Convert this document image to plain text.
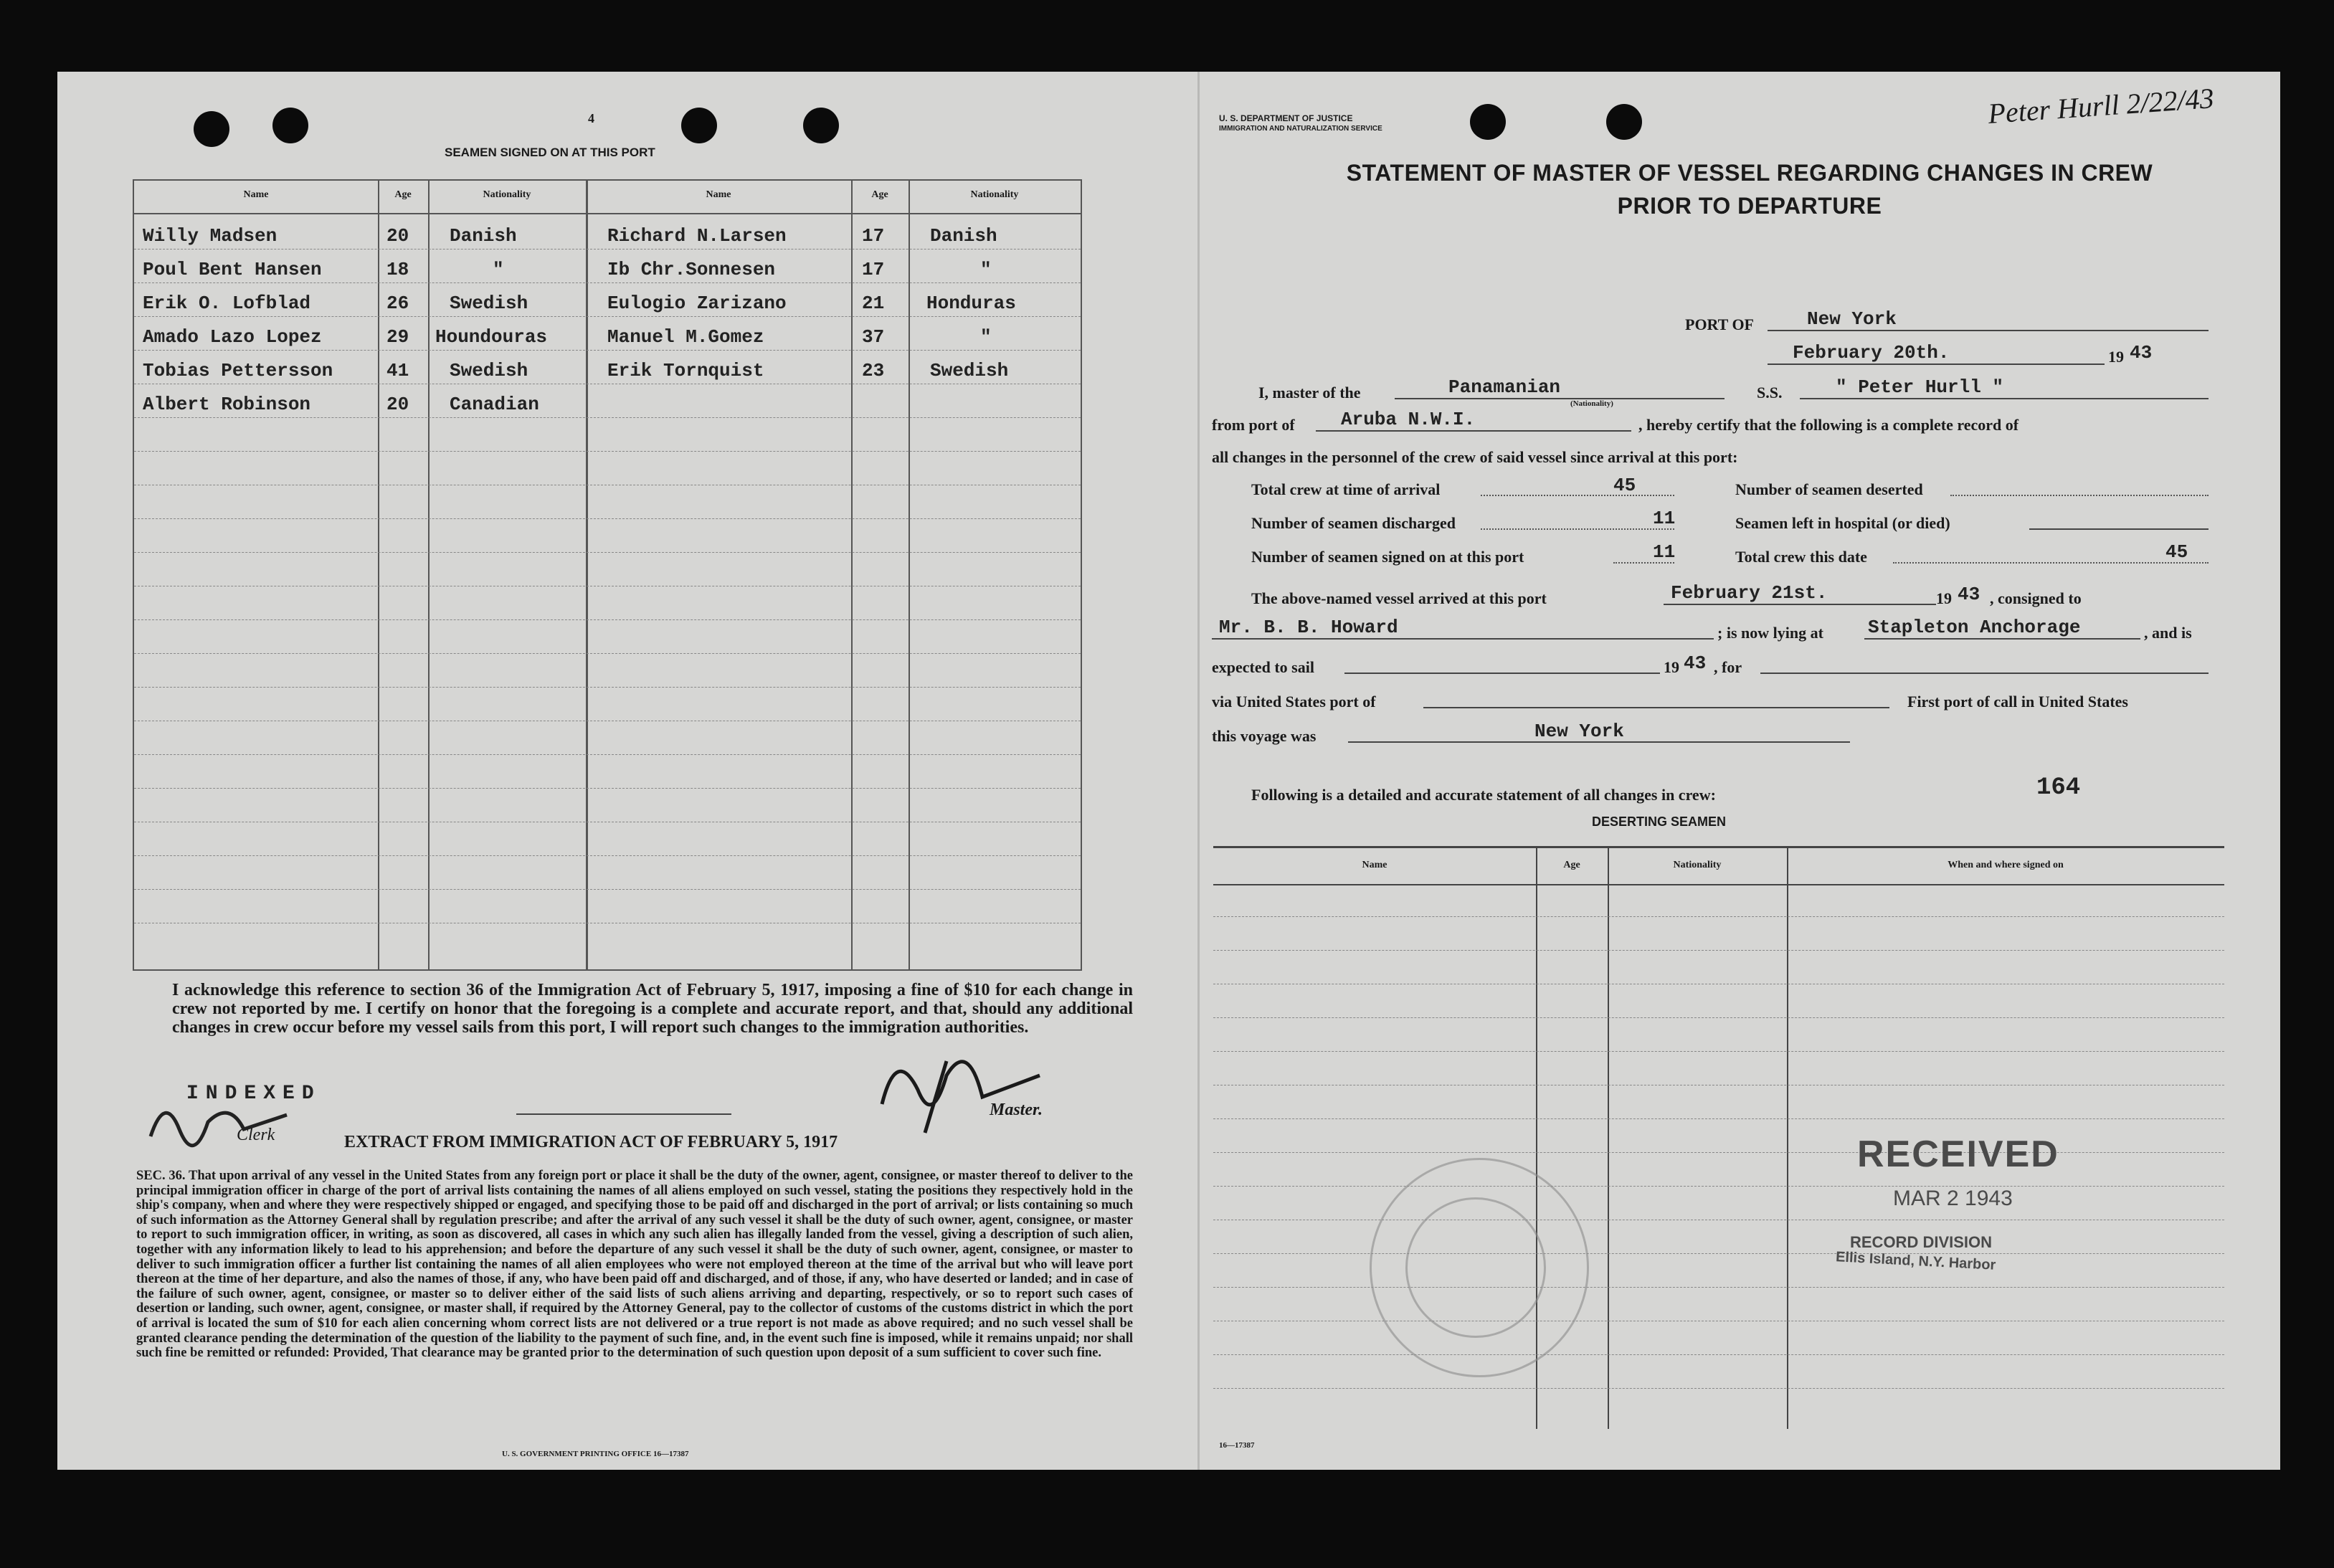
4
SEAMEN SIGNED ON AT THIS PORT
Name	Age	Nationality	Name	Age	Nationality
Willy Madsen	20 Danish	Richard N.Larsen	17 Danish
Poul Bent Hansen	18	"	Ib Chr.Sonnesen	17	"
Erik O. Lofblad	26 Swedish	Eulogio Zarizano	21 Honduras
Amado Lazo Lopez	29 Houndouras	Manuel M.Gomez	37	"
Tobias Pettersson	41 Swedish	Erik Tornquist	23 Swedish
Albert Robinson	20 Canadian
I acknowledge this reference to section 36 of the Immigration Act of February 5, 1917, imposing a fine of $10 for each change in crew not reported by me. I certify on honor that the foregoing is a complete and accurate report, and that, should any additional changes in crew occur before my vessel sails from this port, I will report such changes to the immigration authorities.
INDEXED
Clerk
Master.
EXTRACT FROM IMMIGRATION ACT OF FEBRUARY 5, 1917
SEC. 36. That upon arrival of any vessel in the United States from any foreign port or place it shall be the duty of the owner, agent, consignee, or master thereof to deliver to the principal immigration officer in charge of the port of arrival lists containing the names of all aliens employed on such vessel, stating the positions they respectively hold in the ship's company, when and where they were respectively shipped or engaged, and specifying those to be paid off and discharged in the port of arrival; or lists containing so much of such information as the Attorney General shall by regulation prescribe; and after the arrival of any such vessel it shall be the duty of such owner, agent, consignee, or master to report to such immigration officer, in writing, as soon as discovered, all cases in which any such alien has illegally landed from the vessel, giving a description of such alien, together with any information likely to lead to his apprehension; and before the departure of any such vessel it shall be the duty of such owner, agent, consignee, or master to deliver to such immigration officer a further list containing the names of all alien employees who were not employed thereon at the time of the arrival but who will leave port thereon at the time of her departure, and also the names of those, if any, who have been paid off and discharged, and of those, if any, who have deserted or landed; and in case of the failure of such owner, agent, consignee, or master so to deliver either of the said lists of such aliens arriving and departing, respectively, or so to report such cases of desertion or landing, such owner, agent, consignee, or master shall, if required by the Attorney General, pay to the collector of customs of the customs district in which the port of arrival is located the sum of $10 for each alien concerning whom correct lists are not delivered or a true report is not made as above required; and no such vessel shall be granted clearance pending the determination of the question of the liability to the payment of such fine, and, in the event such fine is imposed, while it remains unpaid; nor shall such fine be remitted or refunded: Provided, That clearance may be granted prior to the determination of such question upon deposit of a sum sufficient to cover such fine.
U. S. GOVERNMENT PRINTING OFFICE 16—17387
U. S. DEPARTMENT OF JUSTICE
IMMIGRATION AND NATURALIZATION SERVICE	Peter Hurll 2/22/43
STATEMENT OF MASTER OF VESSEL REGARDING CHANGES IN CREW
PRIOR TO DEPARTURE
PORT OF	New York
February 20th.	19 43
I, master of the	Panamanian
(Nationality)
S.S.	" Peter Hurll "
from port of Aruba N.W.I.	, hereby certify that the following is a complete record of
all changes in the personnel of the crew of said vessel since arrival at this port:
Total crew at time of arrival	45	Number of seamen deserted
Number of seamen discharged	11	Seamen left in hospital (or died)
Number of seamen signed on at this port	11	Total crew this date	45
The above-named vessel arrived at this port	February 21st.	19 43 , consigned to
Mr. B. B. Howard	; is now lying at Stapleton Anchorage	, and is
expected to sail	19 43 , for
via United States port of	First port of call in United States
this voyage was	New York
Following is a detailed and accurate statement of all changes in crew:	164
DESERTING SEAMEN
Name	Age	Nationality	When and where signed on
RECEIVED
MAR 2 1943
RECORD DIVISION
Ellis Island, N.Y. Harbor
16—17387
